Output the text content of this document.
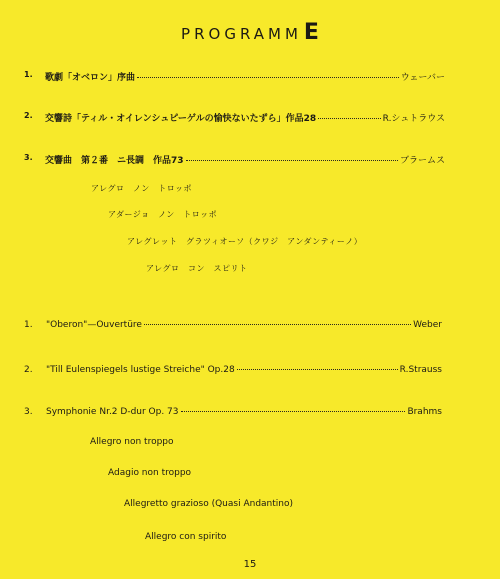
PROGRAMME
1. 歌劇「オベロン」序曲	ウェーバー
2. 交響詩「ティル・オイレンシュピーゲルの愉快ないたずら」作品28	R.シュトラウス
3. 交響曲　第２番　ニ長調　作品73	ブラームス
アレグロ　ノン　トロッポ
アダージョ　ノン　トロッポ
アレグレット　グラツィオーソ（クワジ　アンダンティーノ）
アレグロ　コン　スピリト
1. "Oberon"—Ouvertüre	Weber
2. "Till Eulenspiegels lustige Streiche" Op.28	R.Strauss
3. Symphonie Nr.2 D-dur Op. 73	Brahms
Allegro non troppo
Adagio non troppo
Allegretto grazioso (Quasi Andantino)
Allegro con spirito
15
